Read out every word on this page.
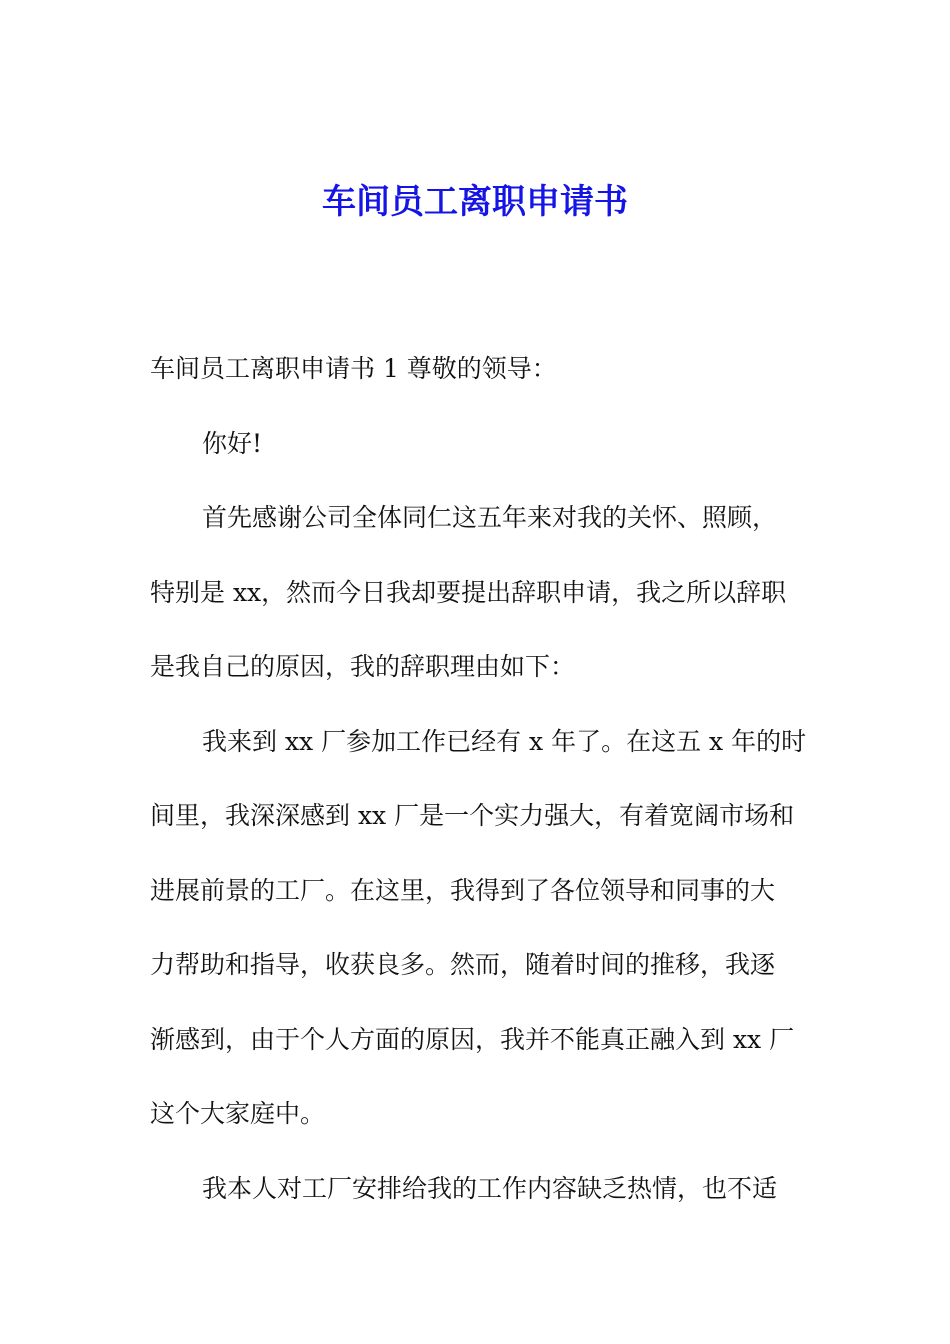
车间员工离职申请书
车间员工离职申请书 1 尊敬的领导：
你好!
首先感谢公司全体同仁这五年来对我的关怀、照顾，
特别是 xx，然而今日我却要提出辞职申请，我之所以辞职
是我自己的原因，我的辞职理由如下：
我来到 xx 厂参加工作已经有 x 年了。在这五 x 年的时
间里，我深深感到 xx 厂是一个实力强大，有着宽阔市场和
进展前景的工厂。在这里，我得到了各位领导和同事的大
力帮助和指导，收获良多。然而，随着时间的推移，我逐
渐感到，由于个人方面的原因，我并不能真正融入到 xx 厂
这个大家庭中。
我本人对工厂安排给我的工作内容缺乏热情，也不适
